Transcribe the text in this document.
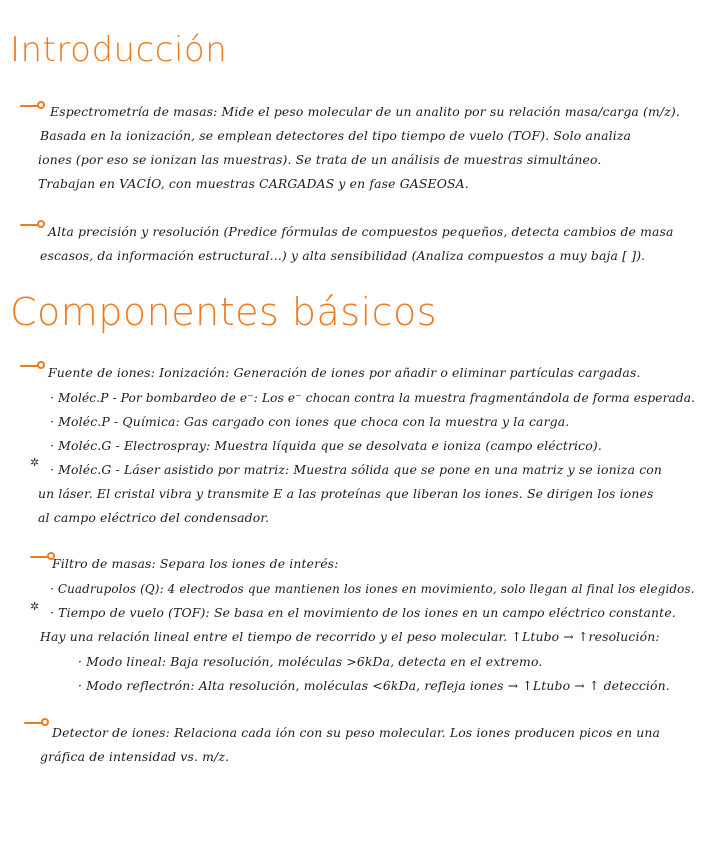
Introducción

Espectrometría de masas: Mide el peso molecular de un analito por su relación masa/carga (m/z).

Basada en la ionización, se emplean detectores del tipo tiempo de vuelo (TOF). Solo analiza

iones (por eso se ionizan las muestras). Se trata de un análisis de muestras simultáneo.

Trabajan en VACÍO, con muestras CARGADAS y en fase GASEOSA.

Alta precisión y resolución (Predice fórmulas de compuestos pequeños, detecta cambios de masa

escasos, da información estructural...) y alta sensibilidad (Analiza compuestos a muy baja [ ]).

Componentes básicos

Fuente de iones: Ionización: Generación de iones por añadir o eliminar partículas cargadas.

· Moléc.P - Por bombardeo de e⁻: Los e⁻ chocan contra la muestra fragmentándola de forma esperada.

· Moléc.P - Química: Gas cargado con iones que choca con la muestra y la carga.

· Moléc.G - Electrospray: Muestra líquida que se desolvata e ioniza (campo eléctrico).

✲ · Moléc.G - Láser asistido por matriz: Muestra sólida que se pone en una matriz y se ioniza con

un láser. El cristal vibra y transmite E a las proteínas que liberan los iones. Se dirigen los iones

al campo eléctrico del condensador.

Filtro de masas: Separa los iones de interés:

· Cuadrupolos (Q): 4 electrodos que mantienen los iones en movimiento, solo llegan al final los elegidos.

✲ · Tiempo de vuelo (TOF): Se basa en el movimiento de los iones en un campo eléctrico constante.

Hay una relación lineal entre el tiempo de recorrido y el peso molecular. ↑Ltubo → ↑resolución:

· Modo lineal: Baja resolución, moléculas >6kDa, detecta en el extremo.

· Modo reflectrón: Alta resolución, moléculas <6kDa, refleja iones → ↑Ltubo → ↑ detección.

Detector de iones: Relaciona cada ión con su peso molecular. Los iones producen picos en una

gráfica de intensidad vs. m/z.
